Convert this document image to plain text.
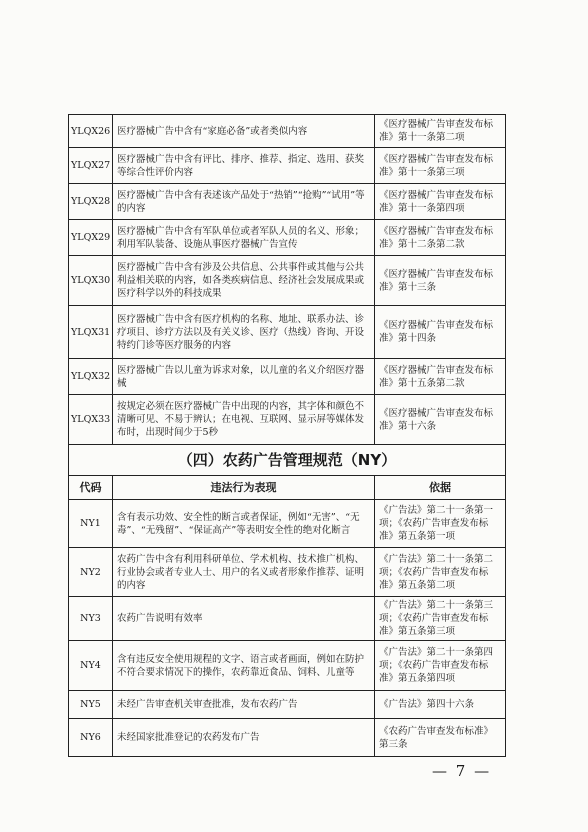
YLQX26	医疗器械广告中含有“家庭必备”或者类似内容	《医疗器械广告审查发布标准》第十一条第二项
YLQX27	医疗器械广告中含有评比、排序、推荐、指定、选用、获奖等综合性评价内容	《医疗器械广告审查发布标准》第十一条第三项
YLQX28	医疗器械广告中含有表述该产品处于“热销”“抢购”“试用”等的内容	《医疗器械广告审查发布标准》第十一条第四项
YLQX29	医疗器械广告中含有军队单位或者军队人员的名义、形象；利用军队装备、设施从事医疗器械广告宣传	《医疗器械广告审查发布标准》第十二条第二款
YLQX30	医疗器械广告中含有涉及公共信息、公共事件或其他与公共利益相关联的内容，如各类疾病信息、经济社会发展成果或医疗科学以外的科技成果	《医疗器械广告审查发布标准》第十三条
YLQX31	医疗器械广告中含有医疗机构的名称、地址、联系办法、诊疗项目、诊疗方法以及有关义诊、医疗（热线）咨询、开设特约门诊等医疗服务的内容	《医疗器械广告审查发布标准》第十四条
YLQX32	医疗器械广告以儿童为诉求对象，以儿童的名义介绍医疗器械	《医疗器械广告审查发布标准》第十五条第二款
YLQX33	按规定必须在医疗器械广告中出现的内容，其字体和颜色不清晰可见、不易于辨认；在电视、互联网、显示屏等媒体发布时，出现时间少于5秒	《医疗器械广告审查发布标准》第十六条
（四）农药广告管理规范（NY）		
代码	违法行为表现	依据
NY1	含有表示功效、安全性的断言或者保证，例如“无害”、“无毒”、“无残留”、“保证高产”等表明安全性的绝对化断言	《广告法》第二十一条第一项；《农药广告审查发布标准》第五条第一项
NY2	农药广告中含有利用科研单位、学术机构、技术推广机构、行业协会或者专业人士、用户的名义或者形象作推荐、证明的内容	《广告法》第二十一条第二项；《农药广告审查发布标准》第五条第二项
NY3	农药广告说明有效率	《广告法》第二十一条第三项；《农药广告审查发布标准》第五条第三项
NY4	含有违反安全使用规程的文字、语言或者画面，例如在防护不符合要求情况下的操作，农药靠近食品、饲料、儿童等	《广告法》第二十一条第四项；《农药广告审查发布标准》第五条第四项
NY5	未经广告审查机关审查批准，发布农药广告	《广告法》第四十六条
NY6	未经国家批准登记的农药发布广告	《农药广告审查发布标准》第三条
— 7 —
